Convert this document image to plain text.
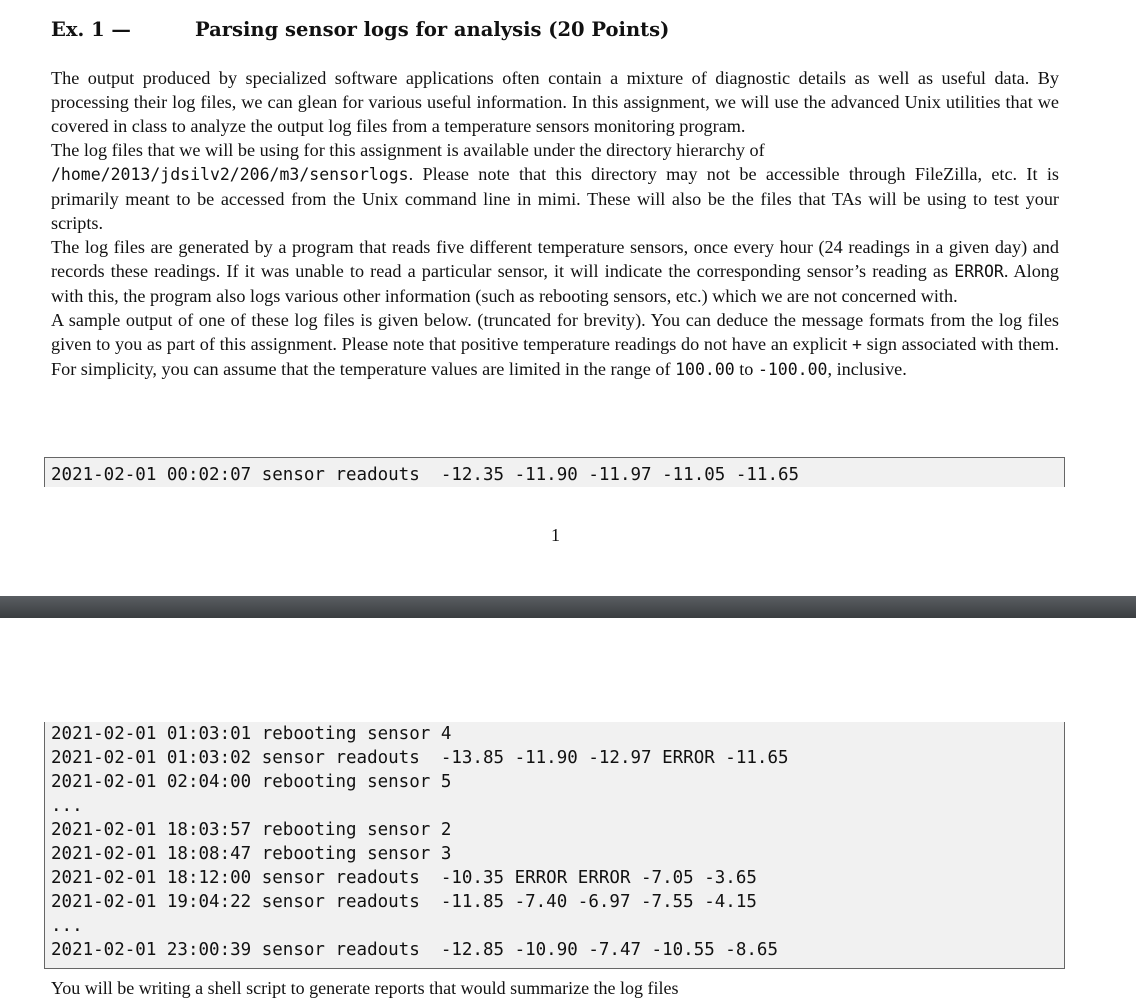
Ex. 1 —	Parsing sensor logs for analysis (20 Points)

The output produced by specialized software applications often contain a mixture of diagnostic details as well as useful data. By processing their log files, we can glean for various useful information. In this assignment, we will use the advanced Unix utilities that we covered in class to analyze the output log files from a temperature sensors monitoring program.

The log files that we will be using for this assignment is available under the directory hierarchy of
/home/2013/jdsilv2/206/m3/sensorlogs. Please note that this directory may not be accessible through FileZilla, etc. It is primarily meant to be accessed from the Unix command line in mimi. These will also be the files that TAs will be using to test your scripts.

The log files are generated by a program that reads five different temperature sensors, once every hour (24 readings in a given day) and records these readings. If it was unable to read a particular sensor, it will indicate the corresponding sensor’s reading as ERROR. Along with this, the program also logs various other information (such as rebooting sensors, etc.) which we are not concerned with.

A sample output of one of these log files is given below. (truncated for brevity). You can deduce the message formats from the log files given to you as part of this assignment. Please note that positive temperature readings do not have an explicit + sign associated with them. For simplicity, you can assume that the temperature values are limited in the range of 100.00 to -100.00, inclusive.

2021-02-01 00:02:07 sensor readouts  -12.35 -11.90 -11.97 -11.05 -11.65
1
2021-02-01 01:03:01 rebooting sensor 4
2021-02-01 01:03:02 sensor readouts  -13.85 -11.90 -12.97 ERROR -11.65
2021-02-01 02:04:00 rebooting sensor 5
...
2021-02-01 18:03:57 rebooting sensor 2
2021-02-01 18:08:47 rebooting sensor 3
2021-02-01 18:12:00 sensor readouts  -10.35 ERROR ERROR -7.05 -3.65
2021-02-01 19:04:22 sensor readouts  -11.85 -7.40 -6.97 -7.55 -4.15
...
2021-02-01 23:00:39 sensor readouts  -12.85 -10.90 -7.47 -10.55 -8.65
You will be writing a shell script to generate reports that would summarize the log files
